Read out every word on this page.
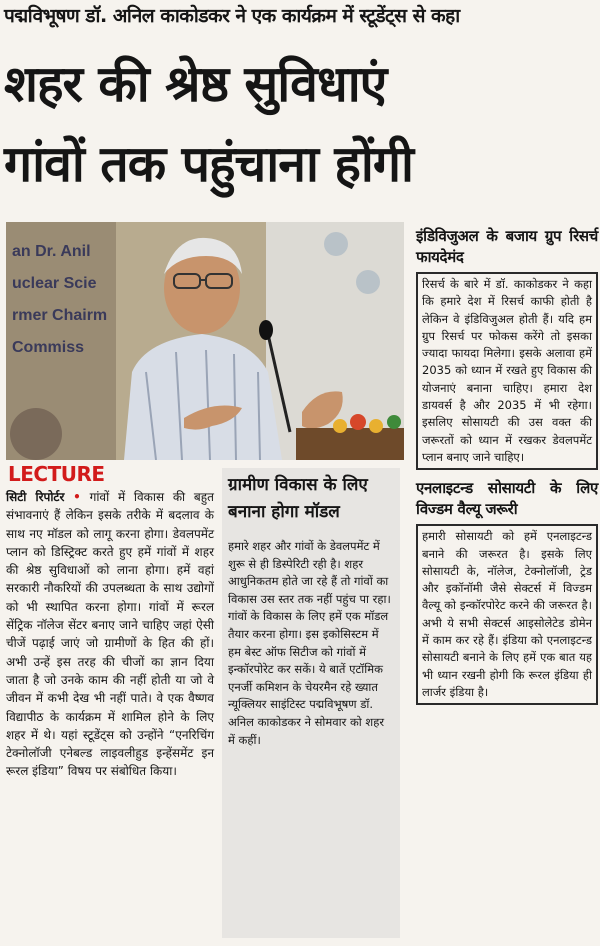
पद्मविभूषण डॉ. अनिल काकोडकर ने एक कार्यक्रम में स्टूडेंट्स से कहा
शहर की श्रेष्ठ सुविधाएं
गांवों तक पहुंचाना होंगी
an Dr. Anil
uclear Scie
rmer Chairm
Commiss
LECTURE
सिटी रिपोर्टर • गांवों में विकास की बहुत संभावनाएं हैं लेकिन इसके तरीके में बदलाव के साथ नए मॉडल को लागू करना होगा। डेवलपमेंट प्लान को डिस्ट्रिक्ट करते हुए हमें गांवों में शहर की श्रेष्ठ सुविधाओं को लाना होगा। हमें वहां सरकारी नौकरियों की उपलब्धता के साथ उद्योगों को भी स्थापित करना होगा। गांवों में रूरल सेंट्रिक नॉलेज सेंटर बनाए जाने चाहिए जहां ऐसी चीजें पढ़ाई जाएं जो ग्रामीणों के हित की हों। अभी उन्हें इस तरह की चीजों का ज्ञान दिया जाता है जो उनके काम की नहीं होती या जो वे जीवन में कभी देख भी नहीं पाते। वे एक वैष्णव विद्यापीठ के कार्यक्रम में शामिल होने के लिए शहर में थे। यहां स्टूडेंट्स को उन्होंने “एनरिचिंग टेक्नोलॉजी एनेबल्ड लाइवलीहुड इन्हेंसमेंट इन रूरल इंडिया” विषय पर संबोधित किया।
ग्रामीण विकास के लिए बनाना होगा मॉडल
हमारे शहर और गांवों के डेवलपमेंट में शुरू से ही डिस्पेरिटी रही है। शहर आधुनिकतम होते जा रहे हैं तो गांवों का विकास उस स्तर तक नहीं पहुंच पा रहा। गांवों के विकास के लिए हमें एक मॉडल तैयार करना होगा। इस इकोसिस्टम में हम बेस्ट ऑफ सिटीज को गांवों में इन्कॉरपोरेट कर सकें। ये बातें एटॉमिक एनर्जी कमिशन के चेयरमैन रहे ख्यात न्यूक्लियर साइंटिस्ट पद्मविभूषण डॉ. अनिल काकोडकर ने सोमवार को शहर में कहीं।
इंडिविजुअल के बजाय ग्रुप रिसर्च फायदेमंद
रिसर्च के बारे में डॉ. काकोडकर ने कहा कि हमारे देश में रिसर्च काफी होती है लेकिन वे इंडिविजुअल होती हैं। यदि हम ग्रुप रिसर्च पर फोकस करेंगे तो इसका ज्यादा फायदा मिलेगा। इसके अलावा हमें 2035 को ध्यान में रखते हुए विकास की योजनाएं बनाना चाहिए। हमारा देश डायवर्स है और 2035 में भी रहेगा। इसलिए सोसायटी की उस वक्त की जरूरतों को ध्यान में रखकर डेवलपमेंट प्लान बनाए जाने चाहिए।
एनलाइटन्ड सोसायटी के लिए विज्डम वैल्यू जरूरी
हमारी सोसायटी को हमें एनलाइटन्ड बनाने की जरूरत है। इसके लिए सोसायटी के, नॉलेज, टेक्नोलॉजी, ट्रेड और इकॉनॉमी जैसे सेक्टर्स में विज्डम वैल्यू को इन्कॉरपोरेट करने की जरूरत है। अभी ये सभी सेक्टर्स आइसोलेटेड डोमेन में काम कर रहे हैं। इंडिया को एनलाइटन्ड सोसायटी बनाने के लिए हमें एक बात यह भी ध्यान रखनी होगी कि रूरल इंडिया ही लार्जर इंडिया है।
